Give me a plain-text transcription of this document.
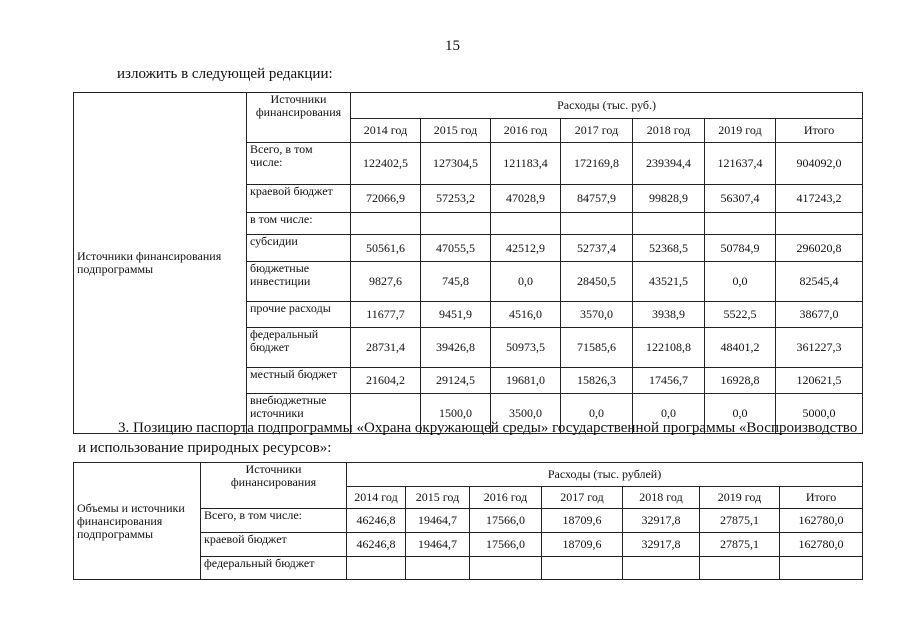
15
изложить в следующей редакции:
Источники финансирования подпрограммы	Источники финансирования	Расходы (тыс. руб.)						
		2014 год	2015 год	2016 год	2017 год	2018 год	2019 год	Итого
	Всего, в том числе:	122402,5	127304,5	121183,4	172169,8	239394,4	121637,4	904092,0
	краевой бюджет	72066,9	57253,2	47028,9	84757,9	99828,9	56307,4	417243,2
	в том числе:							
	субсидии	50561,6	47055,5	42512,9	52737,4	52368,5	50784,9	296020,8
	бюджетные инвестиции	9827,6	745,8	0,0	28450,5	43521,5	0,0	82545,4
	прочие расходы	11677,7	9451,9	4516,0	3570,0	3938,9	5522,5	38677,0
	федеральный бюджет	28731,4	39426,8	50973,5	71585,6	122108,8	48401,2	361227,3
	местный бюджет	21604,2	29124,5	19681,0	15826,3	17456,7	16928,8	120621,5
	внебюджетные источники		1500,0	3500,0	0,0	0,0	0,0	5000,0
3. Позицию паспорта подпрограммы «Охрана окружающей среды» государственной программы «Воспроизводство
и использование природных ресурсов»:
Объемы и источники финансирования подпрограммы	Источники финансирования	Расходы (тыс. рублей)						
		2014 год	2015 год	2016 год	2017 год	2018 год	2019 год	Итого
	Всего, в том числе:	46246,8	19464,7	17566,0	18709,6	32917,8	27875,1	162780,0
	краевой бюджет	46246,8	19464,7	17566,0	18709,6	32917,8	27875,1	162780,0
	федеральный бюджет							
